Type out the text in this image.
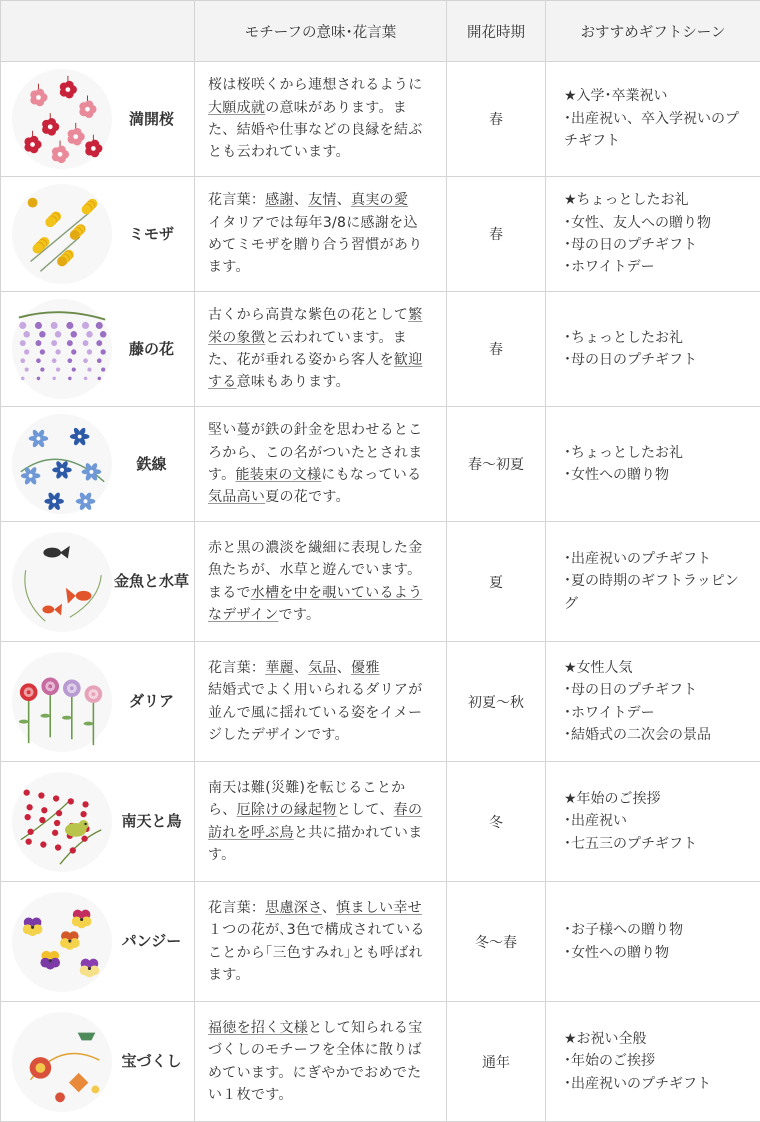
	モチーフの意味･花言葉	開花時期	おすすめギフトシーン

満開桜	桜は桜咲くから連想されるように大願成就の意味があります。また、結婚や仕事などの良縁を結ぶとも云われています。	春	★入学･卒業祝い
･出産祝い、卒入学祝いのプチギフト

ミモザ	花言葉：感謝、友情、真実の愛
イタリアでは毎年3/8に感謝を込めてミモザを贈り合う習慣があります。	春	★ちょっとしたお礼
･女性、友人への贈り物
･母の日のプチギフト
･ホワイトデー

藤の花	古くから高貴な紫色の花として繁栄の象徴と云われています。また、花が垂れる姿から客人を歓迎する意味もあります。	春	･ちょっとしたお礼
･母の日のプチギフト

鉄線	堅い蔓が鉄の針金を思わせるところから、この名がついたとされます。能装束の文様にもなっている気品高い夏の花です。	春〜初夏	･ちょっとしたお礼
･女性への贈り物

金魚と水草	赤と黒の濃淡を繊細に表現した金魚たちが、水草と遊んでいます。まるで水槽を中を覗いているようなデザインです。	夏	･出産祝いのプチギフト
･夏の時期のギフトラッピング

ダリア	花言葉：華麗、気品、優雅
結婚式でよく用いられるダリアが並んで風に揺れている姿をイメージしたデザインです。	初夏〜秋	★女性人気
･母の日のプチギフト
･ホワイトデー
･結婚式の二次会の景品

南天と鳥	南天は難(災難)を転じることから、厄除けの縁起物として、春の訪れを呼ぶ鳥と共に描かれています。	冬	★年始のご挨拶
･出産祝い
･七五三のプチギフト

パンジー	花言葉：思慮深さ、慎ましい幸せ
１つの花が､3色で構成されていることから｢三色すみれ｣とも呼ばれます。	冬〜春	･お子様への贈り物
･女性への贈り物

宝づくし	福徳を招く文様として知られる宝づくしのモチーフを全体に散りばめています。にぎやかでおめでたい１枚です。	通年	★お祝い全般
･年始のご挨拶
･出産祝いのプチギフト
